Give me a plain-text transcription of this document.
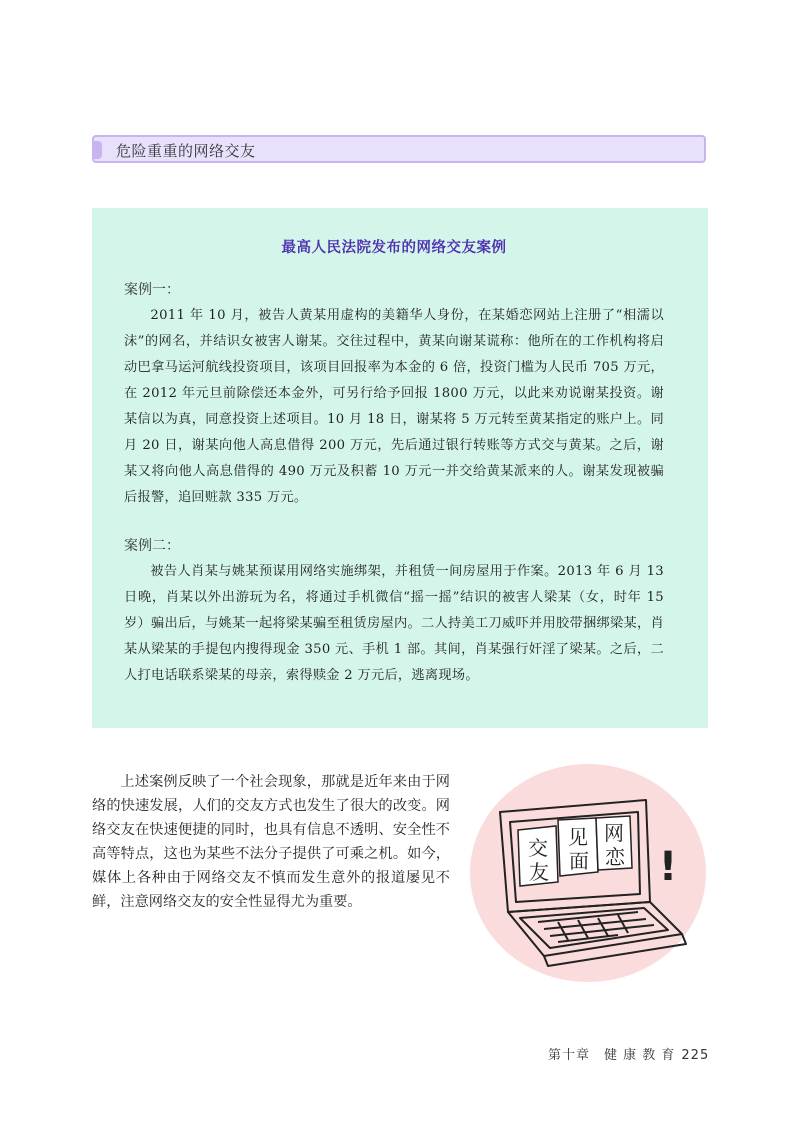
危险重重的网络交友
最高人民法院发布的网络交友案例
案例一：

2011 年 10 月，被告人黄某用虚构的美籍华人身份，在某婚恋网站上注册了“相濡以沫”的网名，并结识女被害人谢某。交往过程中，黄某向谢某谎称：他所在的工作机构将启动巴拿马运河航线投资项目，该项目回报率为本金的 6 倍，投资门槛为人民币 705 万元，在 2012 年元旦前除偿还本金外，可另行给予回报 1800 万元，以此来劝说谢某投资。谢某信以为真，同意投资上述项目。10 月 18 日，谢某将 5 万元转至黄某指定的账户上。同月 20 日，谢某向他人高息借得 200 万元，先后通过银行转账等方式交与黄某。之后，谢某又将向他人高息借得的 490 万元及积蓄 10 万元一并交给黄某派来的人。谢某发现被骗后报警，追回赃款 335 万元。

案例二：

被告人肖某与姚某预谋用网络实施绑架，并租赁一间房屋用于作案。2013 年 6 月 13 日晚，肖某以外出游玩为名，将通过手机微信“摇一摇”结识的被害人梁某（女，时年 15 岁）骗出后，与姚某一起将梁某骗至租赁房屋内。二人持美工刀威吓并用胶带捆绑梁某，肖某从梁某的手提包内搜得现金 350 元、手机 1 部。其间，肖某强行奸淫了梁某。之后，二人打电话联系梁某的母亲，索得赎金 2 万元后，逃离现场。

上述案例反映了一个社会现象，那就是近年来由于网络的快速发展，人们的交友方式也发生了很大的改变。网络交友在快速便捷的同时，也具有信息不透明、安全性不高等特点，这也为某些不法分子提供了可乘之机。如今，媒体上各种由于网络交友不慎而发生意外的报道屡见不鲜，注意网络交友的安全性显得尤为重要。

交
友
见
面
网
恋 !
第十章　健 康 教 育 225
